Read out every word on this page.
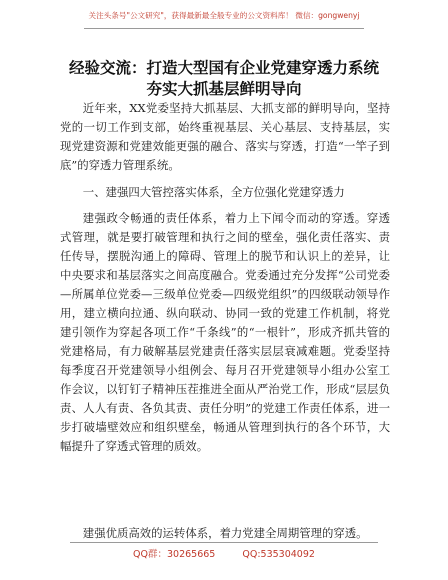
关注头条号"公文研究"，获得最新最全般专业的公文资料库！ 微信：gongwenyj
经验交流：打造大型国有企业党建穿透力系统
夯实大抓基层鲜明导向
近年来，XX党委坚持大抓基层、大抓支部的鲜明导向，坚持党的一切工作到支部，始终重视基层、关心基层、支持基层，实现党建资源和党建效能更强的融合、落实与穿透，打造“一竿子到底”的穿透力管理系统。
一、建强四大管控落实体系，全方位强化党建穿透力
建强政令畅通的责任体系，着力上下闻令而动的穿透。穿透式管理，就是要打破管理和执行之间的壁垒，强化责任落实、责任传导，摆脱沟通上的障碍、管理上的脱节和认识上的差异，让中央要求和基层落实之间高度融合。党委通过充分发挥“公司党委—所属单位党委—三级单位党委—四级党组织”的四级联动领导作用，建立横向拉通、纵向联动、协同一致的党建工作机制，将党建引领作为穿起各项工作“千条线”的“一根针”，形成齐抓共管的党建格局，有力破解基层党建责任落实层层衰减难题。党委坚持每季度召开党建领导小组例会、每月召开党建领导小组办公室工作会议，以钉钉子精神压茬推进全面从严治党工作，形成“层层负责、人人有责、各负其责、责任分明”的党建工作责任体系，进一步打破墙壁效应和组织壁垒，畅通从管理到执行的各个环节，大幅提升了穿透式管理的质效。
建强优质高效的运转体系，着力党建全周期管理的穿透。
QQ群：30265665	QQ:535304092
